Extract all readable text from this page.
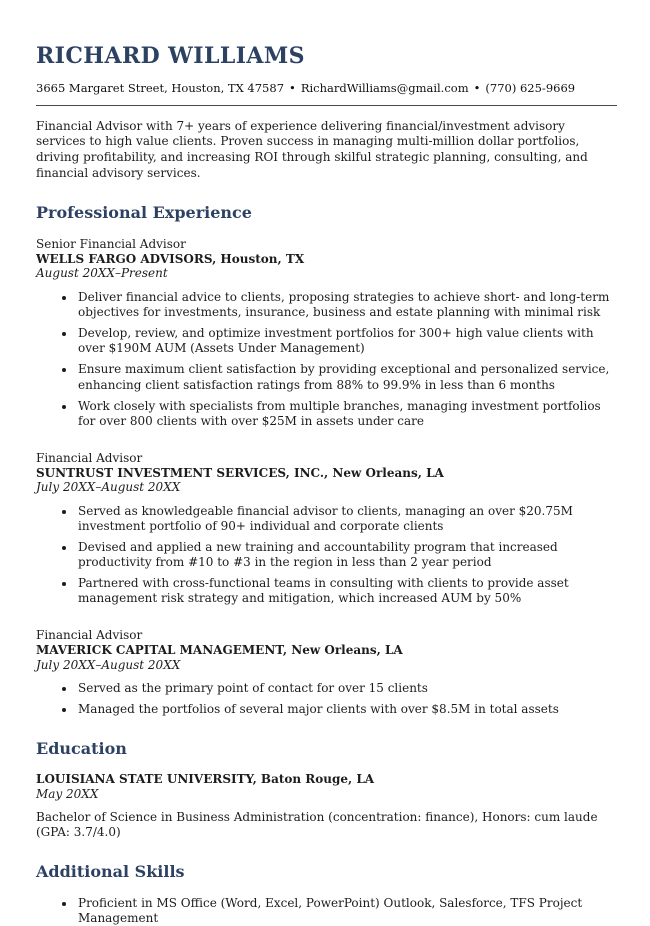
RICHARD WILLIAMS

3665 Margaret Street, Houston, TX 47587 • RichardWilliams@gmail.com • (770) 625-9669

Financial Advisor with 7+ years of experience delivering financial/investment advisory services to high value clients. Proven success in managing multi-million dollar portfolios, driving profitability, and increasing ROI through skilful strategic planning, consulting, and financial advisory services.

Professional Experience

Senior Financial Advisor

WELLS FARGO ADVISORS, Houston, TX

August 20XX–Present

• Deliver financial advice to clients, proposing strategies to achieve short- and long-term objectives for investments, insurance, business and estate planning with minimal risk
• Develop, review, and optimize investment portfolios for 300+ high value clients with over $190M AUM (Assets Under Management)
• Ensure maximum client satisfaction by providing exceptional and personalized service, enhancing client satisfaction ratings from 88% to 99.9% in less than 6 months
• Work closely with specialists from multiple branches, managing investment portfolios for over 800 clients with over $25M in assets under care

Financial Advisor

SUNTRUST INVESTMENT SERVICES, INC., New Orleans, LA

July 20XX–August 20XX

• Served as knowledgeable financial advisor to clients, managing an over $20.75M investment portfolio of 90+ individual and corporate clients
• Devised and applied a new training and accountability program that increased productivity from #10 to #3 in the region in less than 2 year period
• Partnered with cross-functional teams in consulting with clients to provide asset management risk strategy and mitigation, which increased AUM by 50%

Financial Advisor

MAVERICK CAPITAL MANAGEMENT, New Orleans, LA

July 20XX–August 20XX

• Served as the primary point of contact for over 15 clients
• Managed the portfolios of several major clients with over $8.5M in total assets
Education

LOUISIANA STATE UNIVERSITY, Baton Rouge, LA

May 20XX

Bachelor of Science in Business Administration (concentration: finance), Honors: cum laude (GPA: 3.7/4.0)

Additional Skills
• Proficient in MS Office (Word, Excel, PowerPoint) Outlook, Salesforce, TFS Project Management
